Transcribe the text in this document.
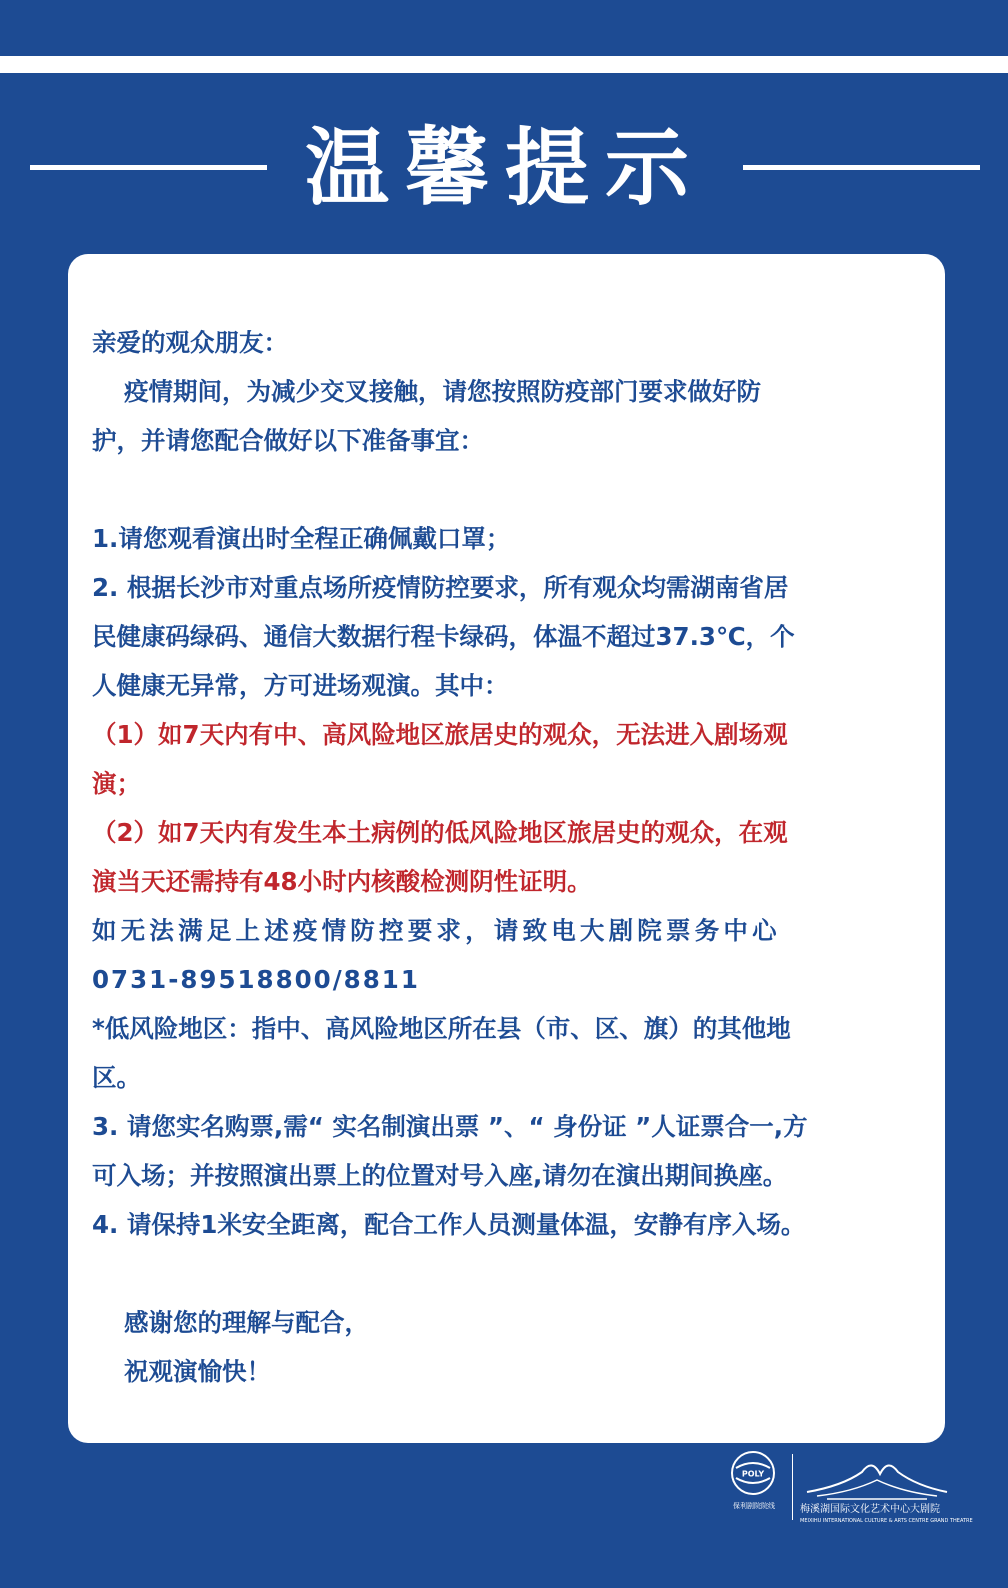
温馨提示

亲爱的观众朋友：

疫情期间，为减少交叉接触，请您按照防疫部门要求做好防

护，并请您配合做好以下准备事宜：

1.请您观看演出时全程正确佩戴口罩；

2. 根据长沙市对重点场所疫情防控要求，所有观众均需湖南省居

民健康码绿码、通信大数据行程卡绿码，体温不超过37.3℃，个

人健康无异常，方可进场观演。其中：

（1）如7天内有中、高风险地区旅居史的观众，无法进入剧场观

演；

（2）如7天内有发生本土病例的低风险地区旅居史的观众，在观

演当天还需持有48小时内核酸检测阴性证明。

如无法满足上述疫情防控要求，请致电大剧院票务中心

0731-89518800/8811

*低风险地区：指中、高风险地区所在县（市、区、旗）的其他地

区。

3. 请您实名购票,需“ 实名制演出票 ”、“ 身份证 ”人证票合一,方

可入场；并按照演出票上的位置对号入座,请勿在演出期间换座。

4. 请保持1米安全距离，配合工作人员测量体温，安静有序入场。

感谢您的理解与配合，

祝观演愉快！

POLY
保利剧院院线	梅溪湖国际文化艺术中心大剧院
MEIXIHU INTERNATIONAL CULTURE & ARTS CENTRE GRAND THEATRE
